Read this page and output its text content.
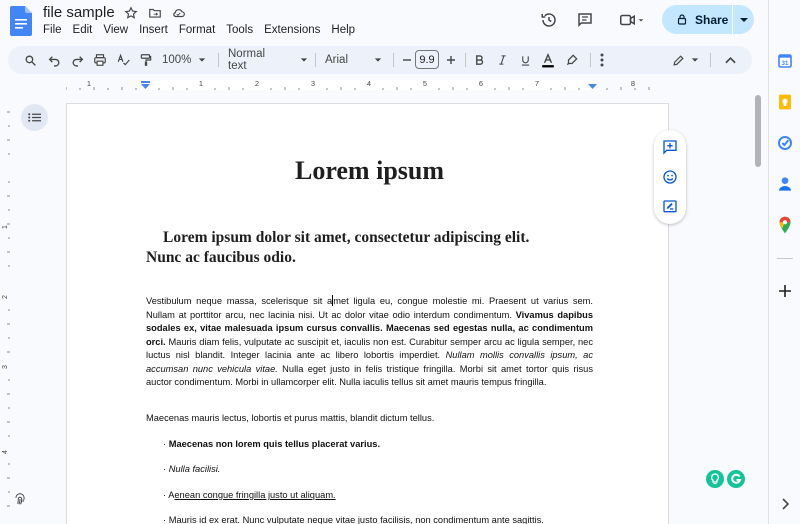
file sample
File Edit View Insert Format Tools Extensions Help
Share
100%	Normal text	Arial	9.9
1	1	2	3	4	5	6	7	8
1
2
3
4
Lorem ipsum
Lorem ipsum dolor sit amet, consectetur adipiscing elit.
Nunc ac faucibus odio.
Vestibulum neque massa, scelerisque sit amet ligula eu, congue molestie mi. Praesent ut varius sem. Nullam at porttitor arcu, nec lacinia nisi. Ut ac dolor vitae odio interdum condimentum. Vivamus dapibus sodales ex, vitae malesuada ipsum cursus convallis. Maecenas sed egestas nulla, ac condimentum orci. Mauris diam felis, vulputate ac suscipit et, iaculis non est. Curabitur semper arcu ac ligula semper, nec luctus nisl blandit. Integer lacinia ante ac libero lobortis imperdiet. Nullam mollis convallis ipsum, ac accumsan nunc vehicula vitae. Nulla eget justo in felis tristique fringilla. Morbi sit amet tortor quis risus auctor condimentum. Morbi in ullamcorper elit. Nulla iaculis tellus sit amet mauris tempus fringilla.
Maecenas mauris lectus, lobortis et purus mattis, blandit dictum tellus.
· Maecenas non lorem quis tellus placerat varius.
· Nulla facilisi.
· Aenean congue fringilla justo ut aliquam.
· Mauris id ex erat. Nunc vulputate neque vitae justo facilisis, non condimentum ante sagittis.
31
